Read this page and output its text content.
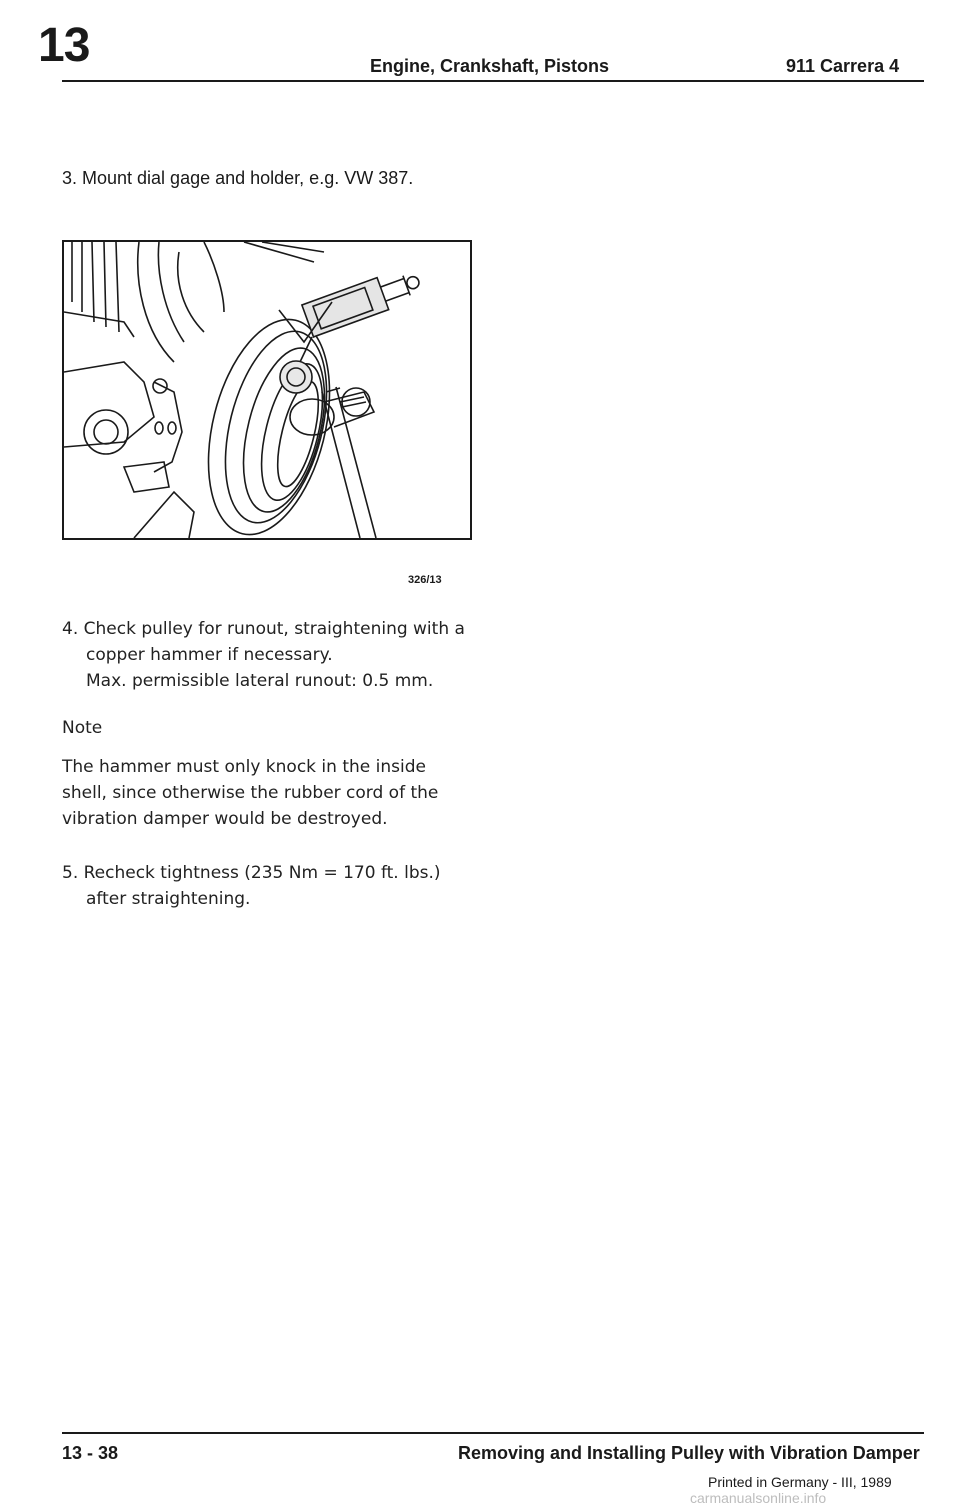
13	Engine, Crankshaft, Pistons	911 Carrera 4
3. Mount dial gage and holder, e.g. VW 387.
326/13
4. Check pulley for runout, straightening with a
copper hammer if necessary.
Max. permissible lateral runout: 0.5 mm.
Note
The hammer must only knock in the inside
shell, since otherwise the rubber cord of the
vibration damper would be destroyed.
5. Recheck tightness (235 Nm = 170 ft. lbs.)
after straightening.
13 - 38	Removing and Installing Pulley with Vibration Damper
Printed in Germany - III, 1989
carmanualsonline.info
